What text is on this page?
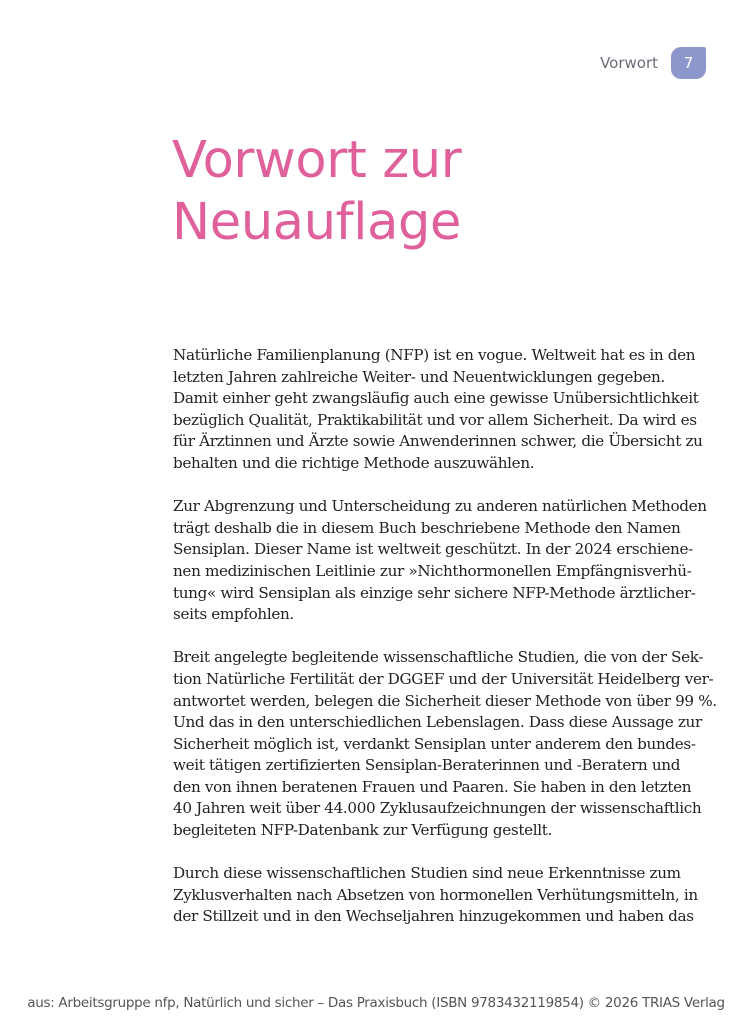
Vorwort	7
Vorwort zur
Neuauflage

Natürliche Familienplanung (NFP) ist en vogue. Weltweit hat es in den
letzten Jahren zahlreiche Weiter- und Neuentwicklungen gegeben.
Damit einher geht zwangsläufig auch eine gewisse Unübersichtlichkeit
bezüglich Qualität, Praktikabilität und vor allem Sicherheit. Da wird es
für Ärztinnen und Ärzte sowie Anwenderinnen schwer, die Übersicht zu
behalten und die richtige Methode auszuwählen.

Zur Abgrenzung und Unterscheidung zu anderen natürlichen Methoden
trägt deshalb die in diesem Buch beschriebene Methode den Namen
Sensiplan. Dieser Name ist weltweit geschützt. In der 2024 erschiene-
nen medizinischen Leitlinie zur »Nichthormonellen Empfängnisverhü-
tung« wird Sensiplan als einzige sehr sichere NFP-Methode ärztlicher-
seits empfohlen.

Breit angelegte begleitende wissenschaftliche Studien, die von der Sek-
tion Natürliche Fertilität der DGGEF und der Universität Heidelberg ver-
antwortet werden, belegen die Sicherheit dieser Methode von über 99 %.
Und das in den unterschiedlichen Lebenslagen. Dass diese Aussage zur
Sicherheit möglich ist, verdankt Sensiplan unter anderem den bundes-
weit tätigen zertifizierten Sensiplan-Beraterinnen und -Beratern und
den von ihnen beratenen Frauen und Paaren. Sie haben in den letzten
40 Jahren weit über 44.000 Zyklusaufzeichnungen der wissenschaftlich
begleiteten NFP-Datenbank zur Verfügung gestellt.

Durch diese wissenschaftlichen Studien sind neue Erkenntnisse zum
Zyklusverhalten nach Absetzen von hormonellen Verhütungsmitteln, in
der Stillzeit und in den Wechseljahren hinzugekommen und haben das

aus: Arbeitsgruppe nfp, Natürlich und sicher – Das Praxisbuch (ISBN 9783432119854) © 2026 TRIAS Verlag
